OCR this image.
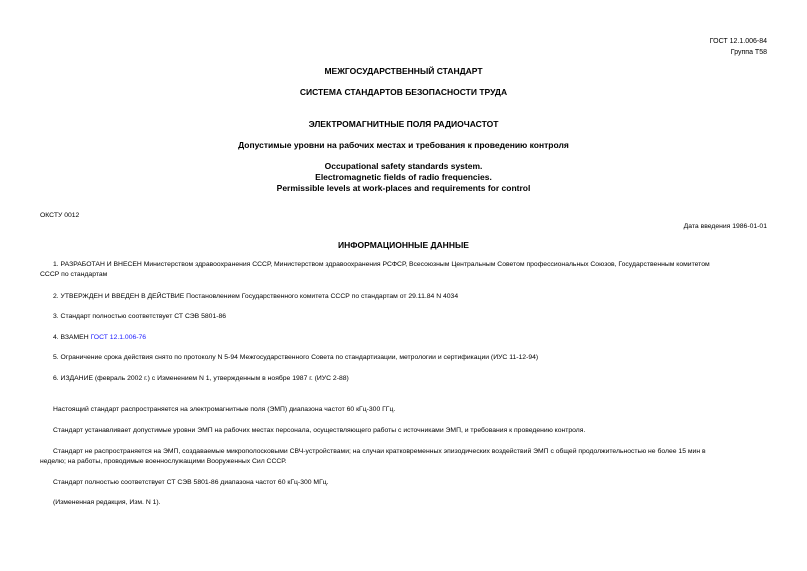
ГОСТ 12.1.006-84
Группа Т58
МЕЖГОСУДАРСТВЕННЫЙ СТАНДАРТ
СИСТЕМА СТАНДАРТОВ БЕЗОПАСНОСТИ ТРУДА
ЭЛЕКТРОМАГНИТНЫЕ ПОЛЯ РАДИОЧАСТОТ
Допустимые уровни на рабочих местах и требования к проведению контроля
Occupational safety standards system.
Electromagnetic fields of radio frequencies.
Permissible levels at work-places and requirements for control
ОКСТУ 0012
Дата введения 1986-01-01
ИНФОРМАЦИОННЫЕ ДАННЫЕ
1. РАЗРАБОТАН И ВНЕСЕН Министерством здравоохранения СССР, Министерством здравоохранения РСФСР, Всесоюзным Центральным Советом профессиональных Союзов, Государственным комитетом
СССР по стандартам
2. УТВЕРЖДЕН И ВВЕДЕН В ДЕЙСТВИЕ Постановлением Государственного комитета СССР по стандартам от 29.11.84 N 4034
3. Стандарт полностью соответствует СТ СЭВ 5801-86
4. ВЗАМЕН ГОСТ 12.1.006-76
5. Ограничение срока действия снято по протоколу N 5-94 Межгосударственного Совета по стандартизации, метрологии и сертификации (ИУС 11-12-94)
6. ИЗДАНИЕ (февраль 2002 г.) с Изменением N 1, утвержденным в ноябре 1987 г. (ИУС 2-88)
Настоящий стандарт распространяется на электромагнитные поля (ЭМП) диапазона частот 60 кГц-300 ГГц.
Стандарт устанавливает допустимые уровни ЭМП на рабочих местах персонала, осуществляющего работы с источниками ЭМП, и требования к проведению контроля.
Стандарт не распространяется на ЭМП, создаваемые микрополосковыми СВЧ-устройствами; на случаи кратковременных эпизодических воздействий ЭМП с общей продолжительностью не более 15 мин в
неделю; на работы, проводимые военнослужащими Вооруженных Сил СССР.
Стандарт полностью соответствует СТ СЭВ 5801-86 диапазона частот 60 кГц-300 МГц.
(Измененная редакция, Изм. N 1).
